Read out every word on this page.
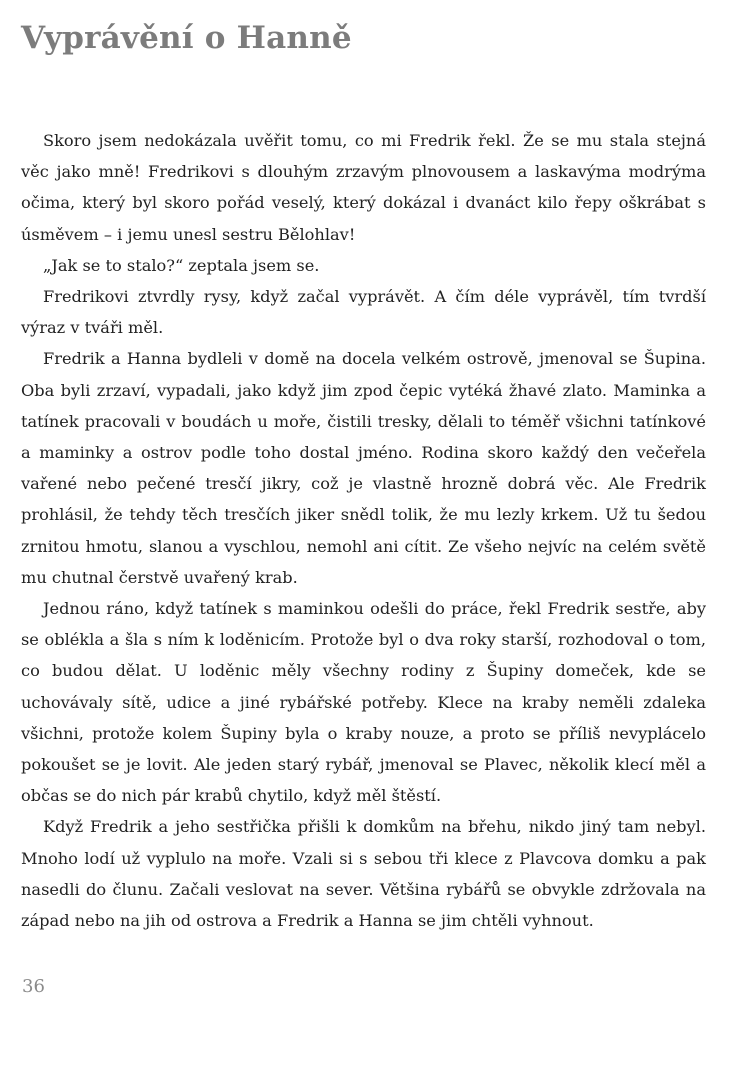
Vyprávění o Hanně

Skoro jsem nedokázala uvěřit tomu, co mi Fredrik řekl. Že se mu stala stejná věc jako mně! Fredrikovi s dlouhým zrzavým plnovousem a laskavýma modrýma očima, který byl skoro pořád veselý, který dokázal i dvanáct kilo řepy oškrábat s úsměvem – i jemu unesl sestru Bělohlav!

„Jak se to stalo?“ zeptala jsem se.

Fredrikovi ztvrdly rysy, když začal vyprávět. A čím déle vyprávěl, tím tvrdší výraz v tváři měl.

Fredrik a Hanna bydleli v domě na docela velkém ostrově, jmenoval se Šupina. Oba byli zrzaví, vypadali, jako když jim zpod čepic vytéká žhavé zlato. Maminka a tatínek pracovali v boudách u moře, čistili tresky, dělali to téměř všichni tatínkové a maminky a ostrov podle toho dostal jméno. Rodina skoro každý den večeřela vařené nebo pečené tresčí jikry, což je vlastně hrozně dobrá věc. Ale Fredrik prohlásil, že tehdy těch tresčích jiker snědl tolik, že mu lezly krkem. Už tu šedou zrnitou hmotu, slanou a vyschlou, nemohl ani cítit. Ze všeho nejvíc na celém světě mu chutnal čerstvě uvařený krab.

Jednou ráno, když tatínek s maminkou odešli do práce, řekl Fredrik sestře, aby se oblékla a šla s ním k loděnicím. Protože byl o dva roky starší, rozhodoval o tom, co budou dělat. U loděnic měly všechny rodiny z Šupiny domeček, kde se uchovávaly sítě, udice a jiné rybářské potřeby. Klece na kraby neměli zdaleka všichni, protože kolem Šupiny byla o kraby nouze, a proto se příliš nevyplácelo pokoušet se je lovit. Ale jeden starý rybář, jmenoval se Plavec, několik klecí měl a občas se do nich pár krabů chytilo, když měl štěstí.

Když Fredrik a jeho sestřička přišli k domkům na břehu, nikdo jiný tam nebyl. Mnoho lodí už vyplulo na moře. Vzali si s sebou tři klece z Plavcova domku a pak nasedli do člunu. Začali veslovat na sever. Většina rybářů se obvykle zdržovala na západ nebo na jih od ostrova a Fredrik a Hanna se jim chtěli vyhnout.

36
